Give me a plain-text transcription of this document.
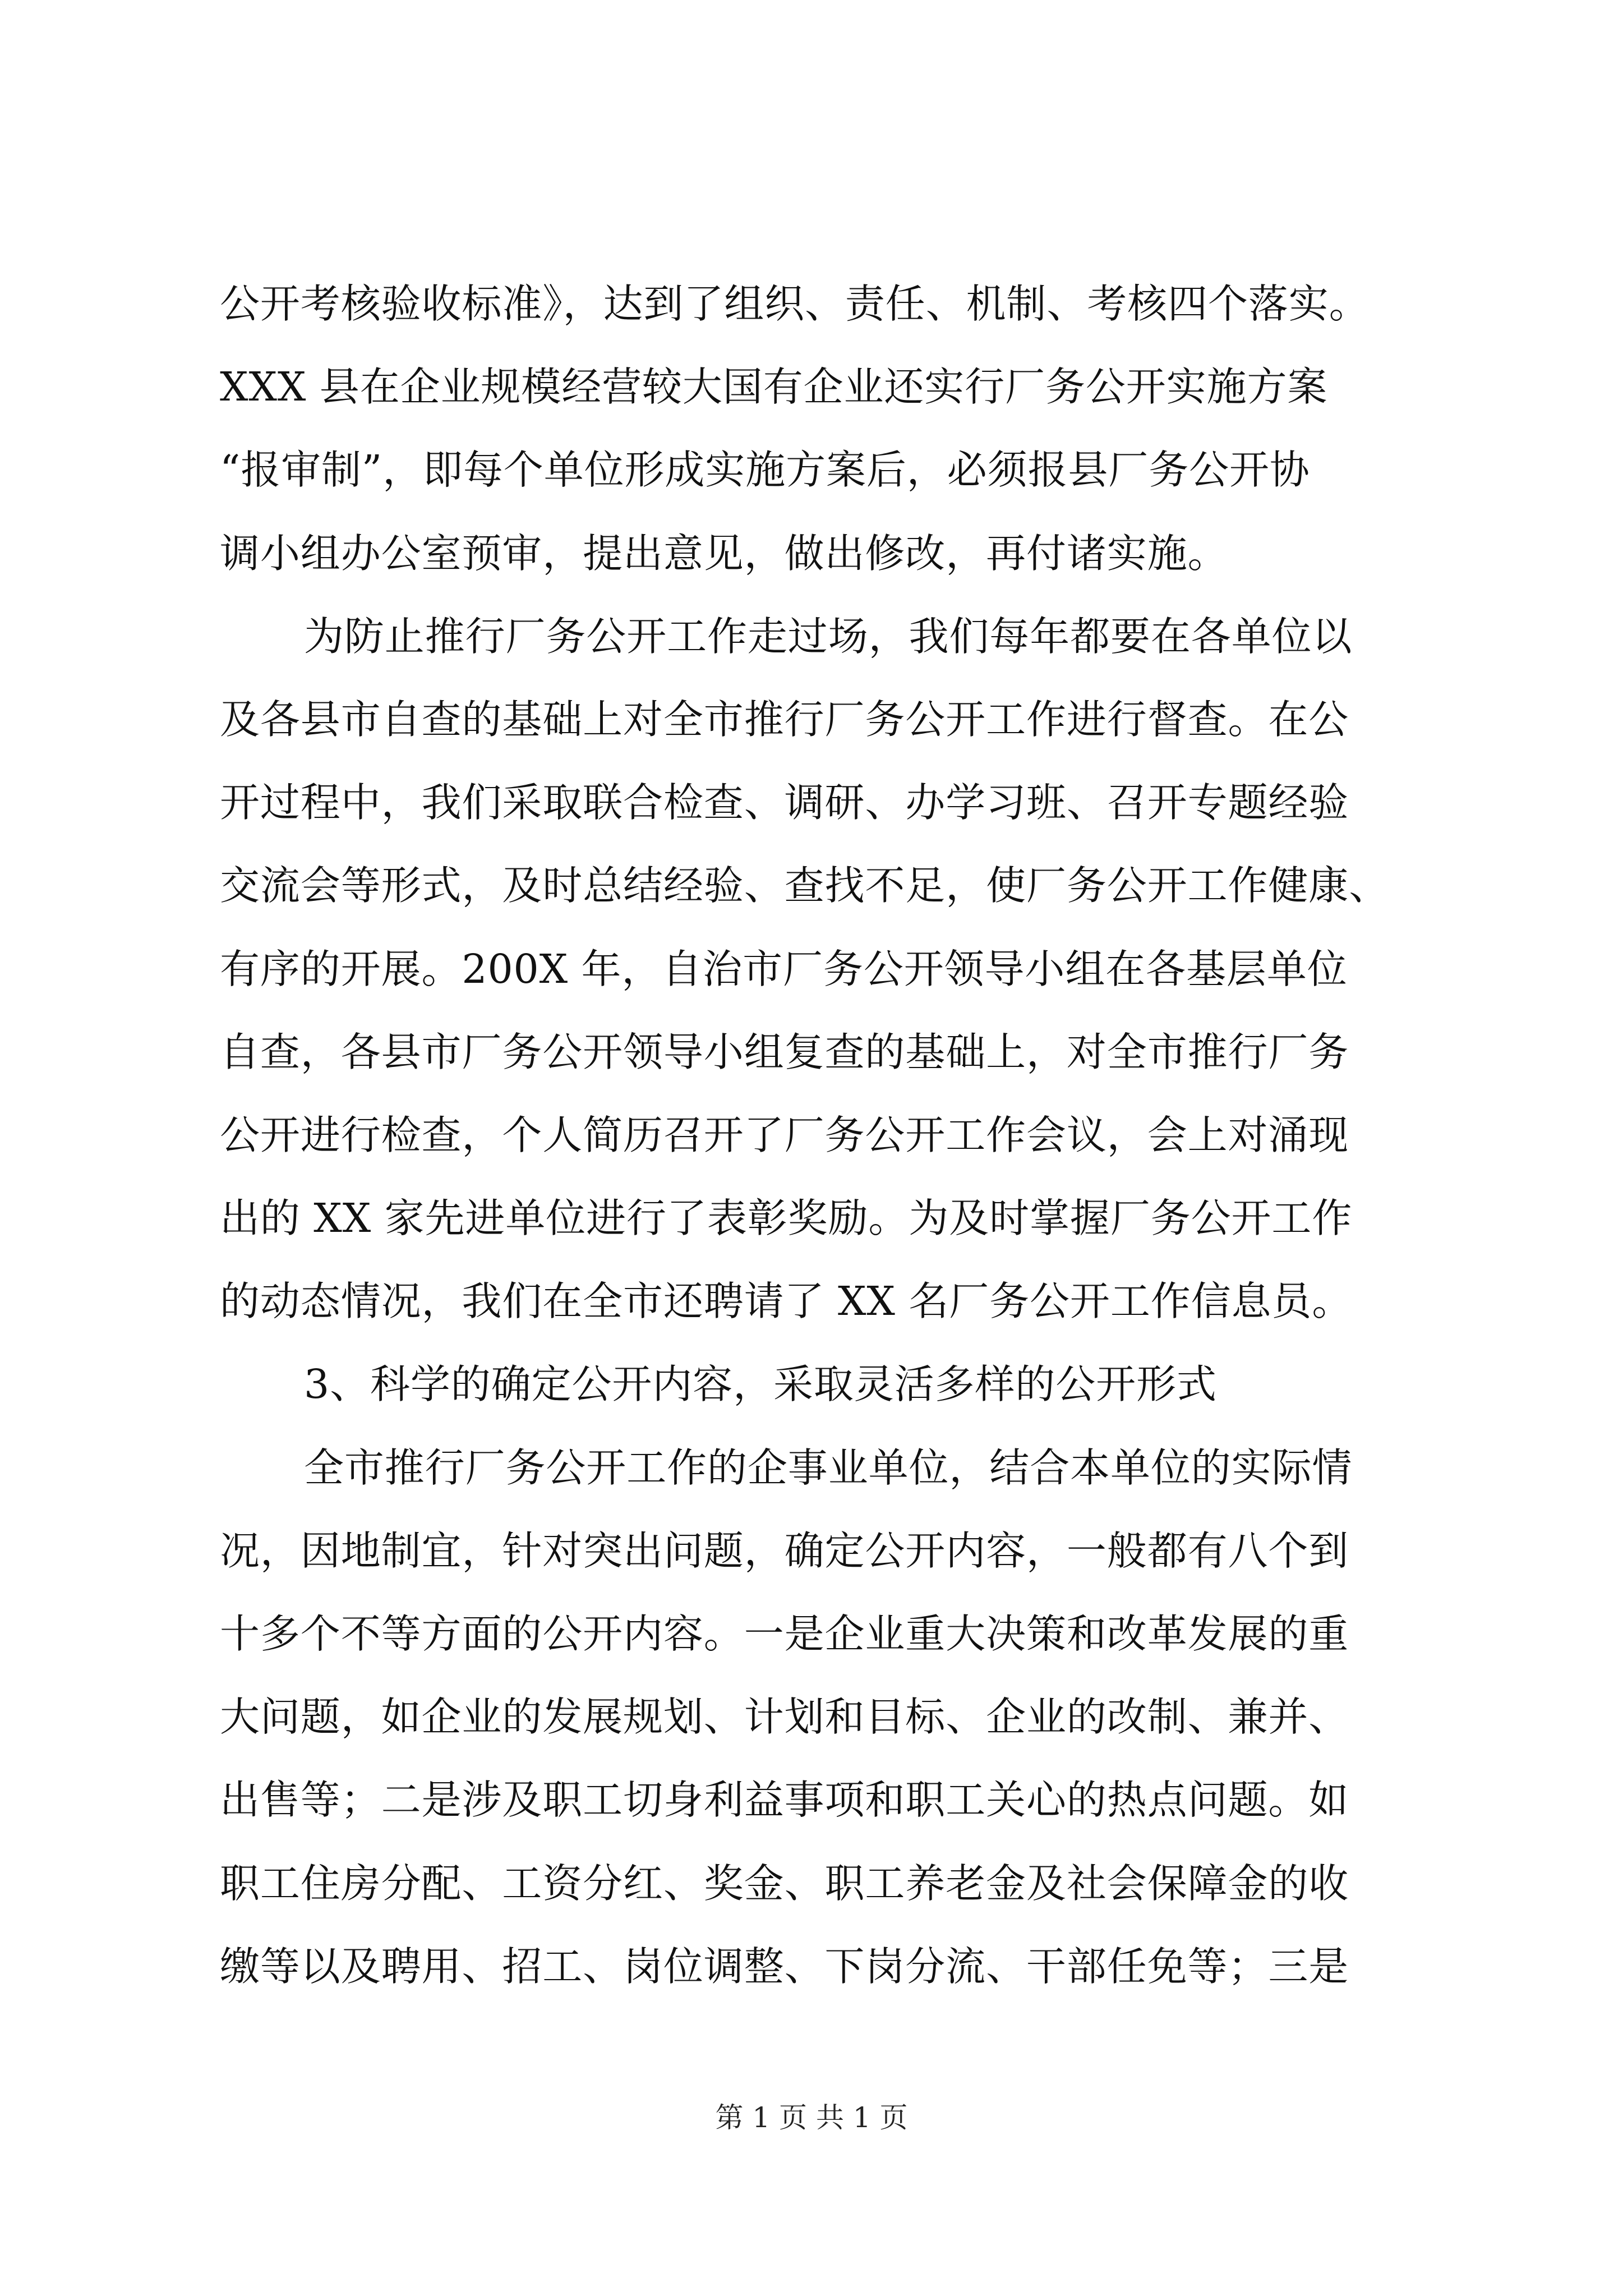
公开考核验收标准》，达到了组织、责任、机制、考核四个落实。
XXX 县在企业规模经营较大国有企业还实行厂务公开实施方案
“报审制”，即每个单位形成实施方案后，必须报县厂务公开协
调小组办公室预审，提出意见，做出修改，再付诸实施。
为防止推行厂务公开工作走过场，我们每年都要在各单位以
及各县市自查的基础上对全市推行厂务公开工作进行督查。在公
开过程中，我们采取联合检查、调研、办学习班、召开专题经验
交流会等形式，及时总结经验、查找不足，使厂务公开工作健康、
有序的开展。200X 年，自治市厂务公开领导小组在各基层单位
自查，各县市厂务公开领导小组复查的基础上，对全市推行厂务
公开进行检查，个人简历召开了厂务公开工作会议，会上对涌现
出的 XX 家先进单位进行了表彰奖励。为及时掌握厂务公开工作
的动态情况，我们在全市还聘请了 XX 名厂务公开工作信息员。
3、科学的确定公开内容，采取灵活多样的公开形式
全市推行厂务公开工作的企事业单位，结合本单位的实际情
况，因地制宜，针对突出问题，确定公开内容，一般都有八个到
十多个不等方面的公开内容。一是企业重大决策和改革发展的重
大问题，如企业的发展规划、计划和目标、企业的改制、兼并、
出售等；二是涉及职工切身利益事项和职工关心的热点问题。如
职工住房分配、工资分红、奖金、职工养老金及社会保障金的收
缴等以及聘用、招工、岗位调整、下岗分流、干部任免等；三是
第 1 页 共 1 页
